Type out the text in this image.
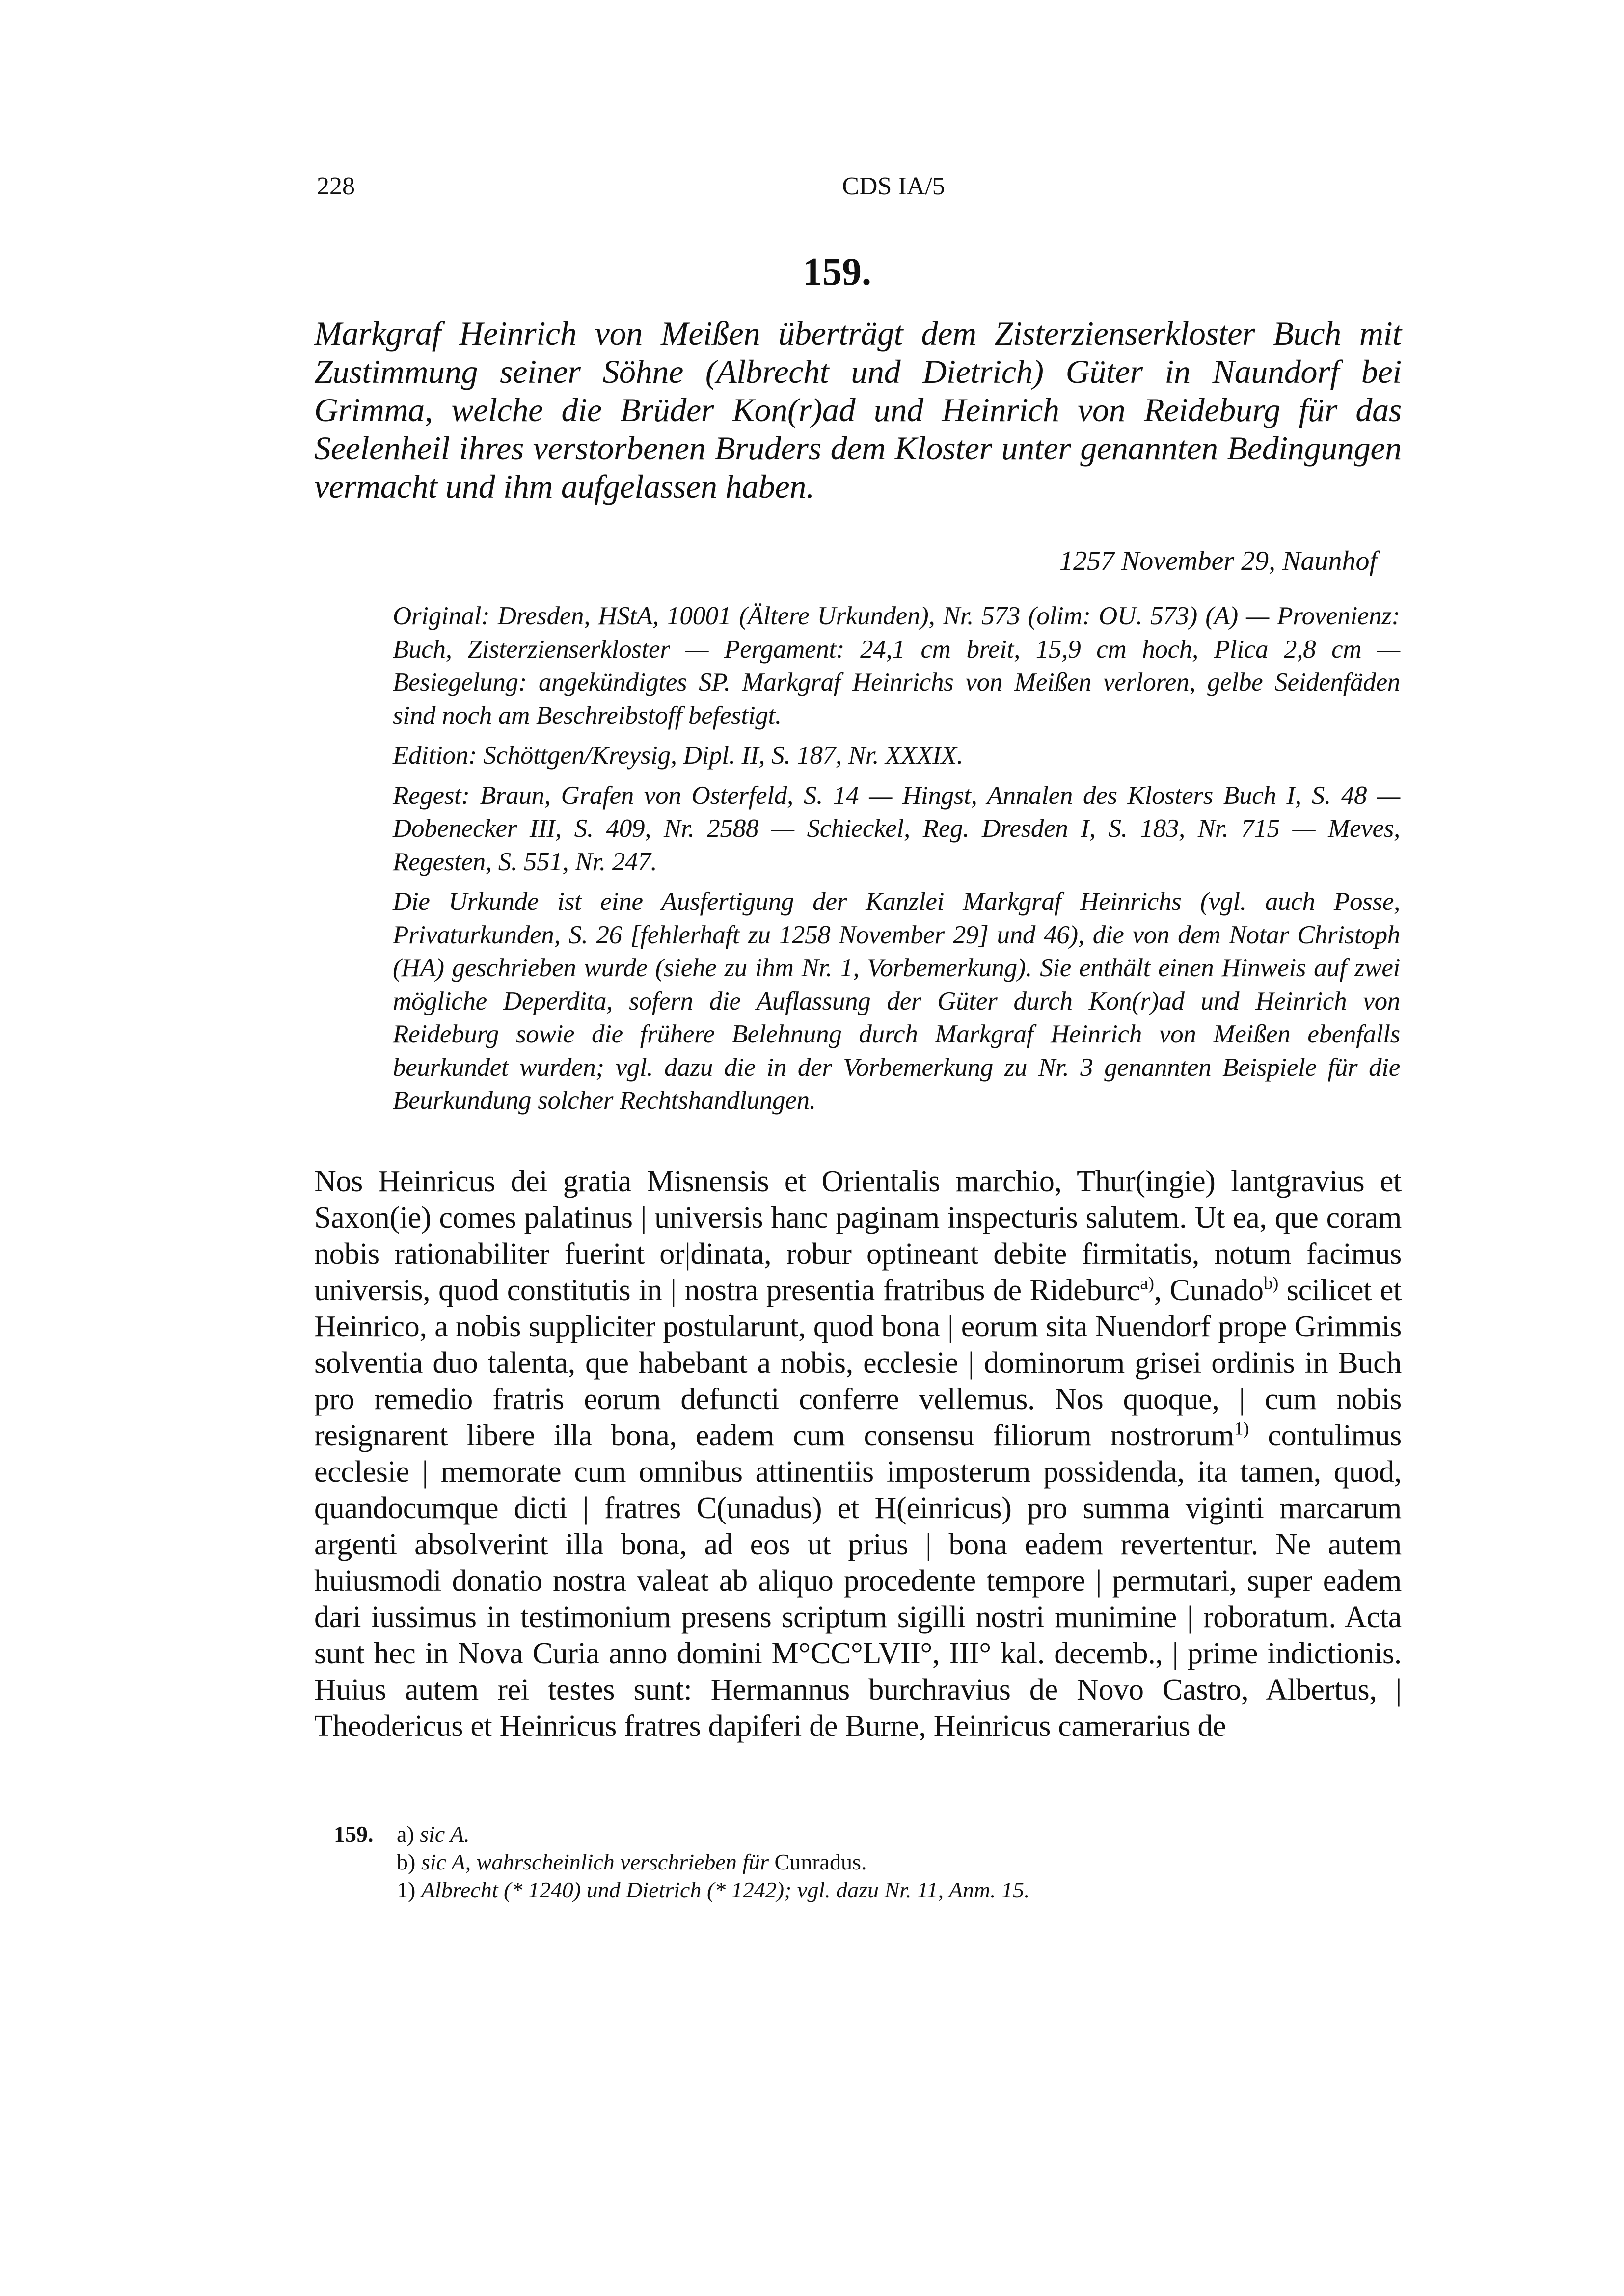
228	CDS IA/5
159.

Markgraf Heinrich von Meißen überträgt dem Zisterzienserkloster Buch mit Zustimmung seiner Söhne (Albrecht und Dietrich) Güter in Naundorf bei Grimma, welche die Brüder Kon(r)ad und Heinrich von Reideburg für das Seelenheil ihres verstorbenen Bruders dem Kloster unter genannten Bedingungen vermacht und ihm aufgelassen haben.

1257 November 29, Naunhof

Original: Dresden, HStA, 10001 (Ältere Urkunden), Nr. 573 (olim: OU. 573) (A) — Provenienz: Buch, Zisterzienserkloster — Pergament: 24,1 cm breit, 15,9 cm hoch, Plica 2,8 cm — Besiegelung: angekündigtes SP. Markgraf Heinrichs von Meißen verloren, gelbe Seidenfäden sind noch am Beschreibstoff befestigt.

Edition: Schöttgen/Kreysig, Dipl. II, S. 187, Nr. XXXIX.

Regest: Braun, Grafen von Osterfeld, S. 14 — Hingst, Annalen des Klosters Buch I, S. 48 — Dobenecker III, S. 409, Nr. 2588 — Schieckel, Reg. Dresden I, S. 183, Nr. 715 — Meves, Regesten, S. 551, Nr. 247.

Die Urkunde ist eine Ausfertigung der Kanzlei Markgraf Heinrichs (vgl. auch Posse, Privaturkunden, S. 26 [fehlerhaft zu 1258 November 29] und 46), die von dem Notar Christoph (HA) geschrieben wurde (siehe zu ihm Nr. 1, Vorbemerkung). Sie enthält einen Hinweis auf zwei mögliche Deperdita, sofern die Auflassung der Güter durch Kon(r)ad und Heinrich von Reideburg sowie die frühere Belehnung durch Markgraf Heinrich von Meißen ebenfalls beurkundet wurden; vgl. dazu die in der Vorbemerkung zu Nr. 3 genannten Beispiele für die Beurkundung solcher Rechtshandlungen.

Nos Heinricus dei gratia Misnensis et Orientalis marchio, Thur(ingie) lantgravius et Saxon(ie) comes palatinus | universis hanc paginam inspecturis salutem. Ut ea, que coram nobis rationabiliter fuerint or|dinata, robur optineant debite firmitatis, notum facimus universis, quod constitutis in | nostra presentia fratribus de Rideburc$^{a)}$, Cunado$^{b)}$ scilicet et Heinrico, a nobis suppliciter postularunt, quod bona | eorum sita Nuendorf prope Grimmis solventia duo talenta, que habebant a nobis, ecclesie | dominorum grisei ordinis in Buch pro remedio fratris eorum defuncti conferre vellemus. Nos quoque, | cum nobis resignarent libere illa bona, eadem cum consensu filiorum nostrorum$^{1)}$ contulimus ecclesie | memorate cum omnibus attinentiis imposterum possidenda, ita tamen, quod, quandocumque dicti | fratres C(unadus) et H(einricus) pro summa viginti marcarum argenti absolverint illa bona, ad eos ut prius | bona eadem revertentur. Ne autem huiusmodi donatio nostra valeat ab aliquo procedente tempore | permutari, super eadem dari iussimus in testimonium presens scriptum sigilli nostri munimine | roboratum. Acta sunt hec in Nova Curia anno domini M°CC°LVII°, III° kal. decemb., | prime indictionis. Huius autem rei testes sunt: Hermannus burchravius de Novo Castro, Albertus, | Theodericus et Heinricus fratres dapiferi de Burne, Heinricus camerarius de

159. a) sic A.
b) sic A, wahrscheinlich verschrieben für Cunradus.
1) Albrecht (* 1240) und Dietrich (* 1242); vgl. dazu Nr. 11, Anm. 15.
